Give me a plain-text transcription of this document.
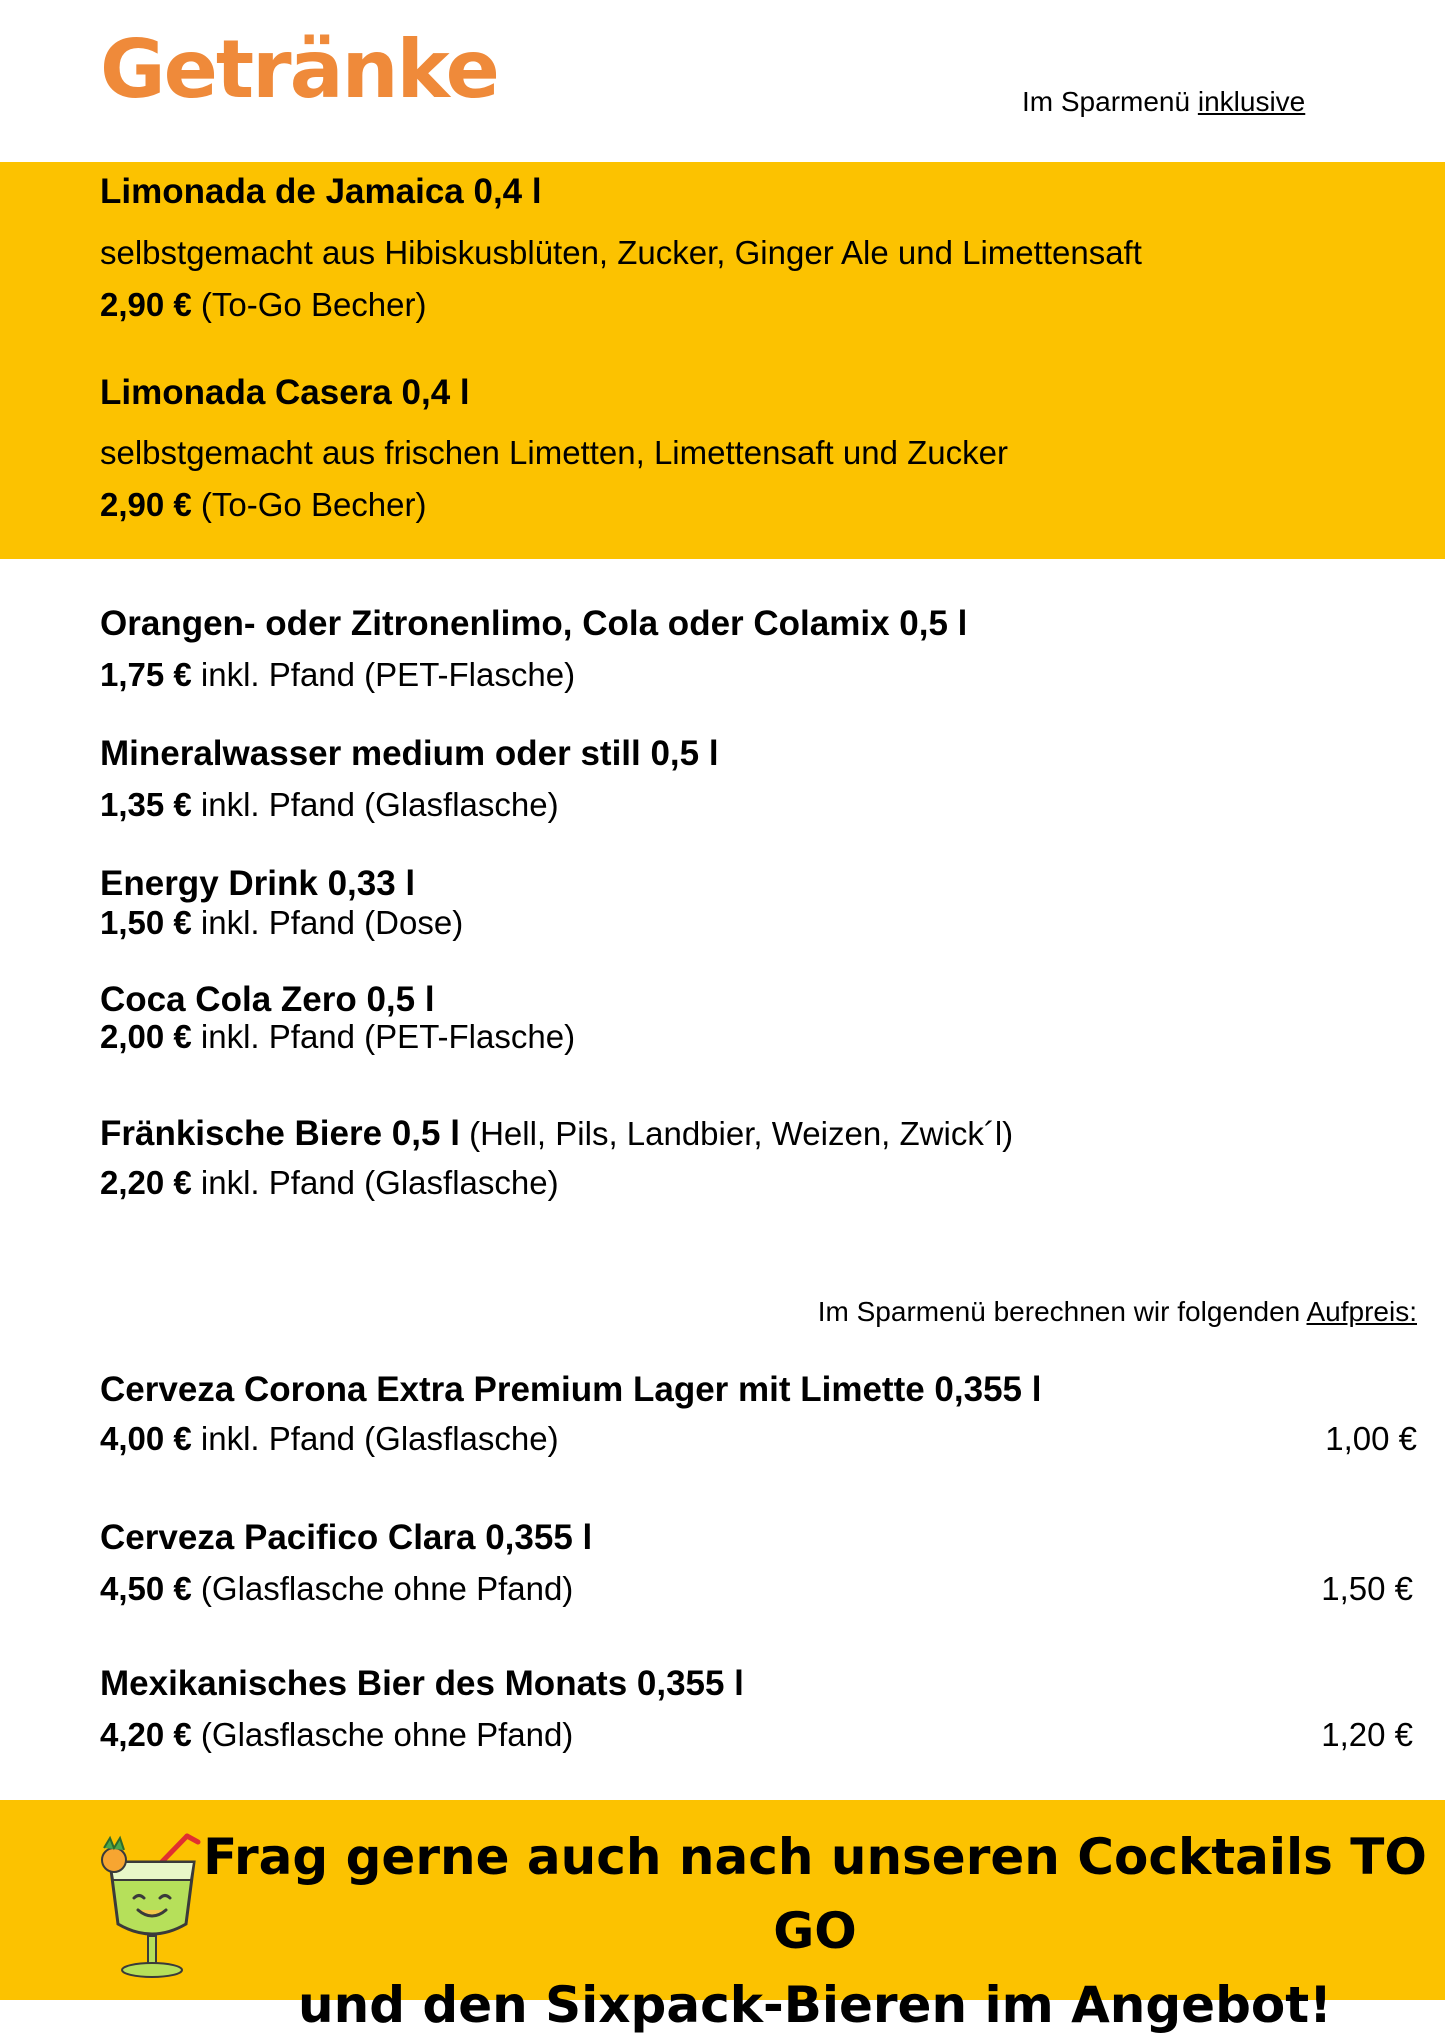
Getränke	Im Sparmenü inklusive
Limonada de Jamaica 0,4 l
selbstgemacht aus Hibiskusblüten, Zucker, Ginger Ale und Limettensaft
2,90 € (To-Go Becher)
Limonada Casera 0,4 l
selbstgemacht aus frischen Limetten, Limettensaft und Zucker
2,90 € (To-Go Becher)
Orangen- oder Zitronenlimo, Cola oder Colamix 0,5 l
1,75 € inkl. Pfand (PET-Flasche)
Mineralwasser medium oder still 0,5 l
1,35 € inkl. Pfand (Glasflasche)
Energy Drink 0,33 l
1,50 € inkl. Pfand (Dose)
Coca Cola Zero 0,5 l
2,00 € inkl. Pfand (PET-Flasche)
Fränkische Biere 0,5 l (Hell, Pils, Landbier, Weizen, Zwick´l)
2,20 € inkl. Pfand (Glasflasche)
Im Sparmenü berechnen wir folgenden Aufpreis:
Cerveza Corona Extra Premium Lager mit Limette 0,355 l
4,00 € inkl. Pfand (Glasflasche)	1,00 €
Cerveza Pacifico Clara 0,355 l
4,50 € (Glasflasche ohne Pfand)	1,50 €
Mexikanisches Bier des Monats 0,355 l
4,20 € (Glasflasche ohne Pfand)	1,20 €
Frag gerne auch nach unseren Cocktails TO GO
und den Sixpack-Bieren im Angebot!
